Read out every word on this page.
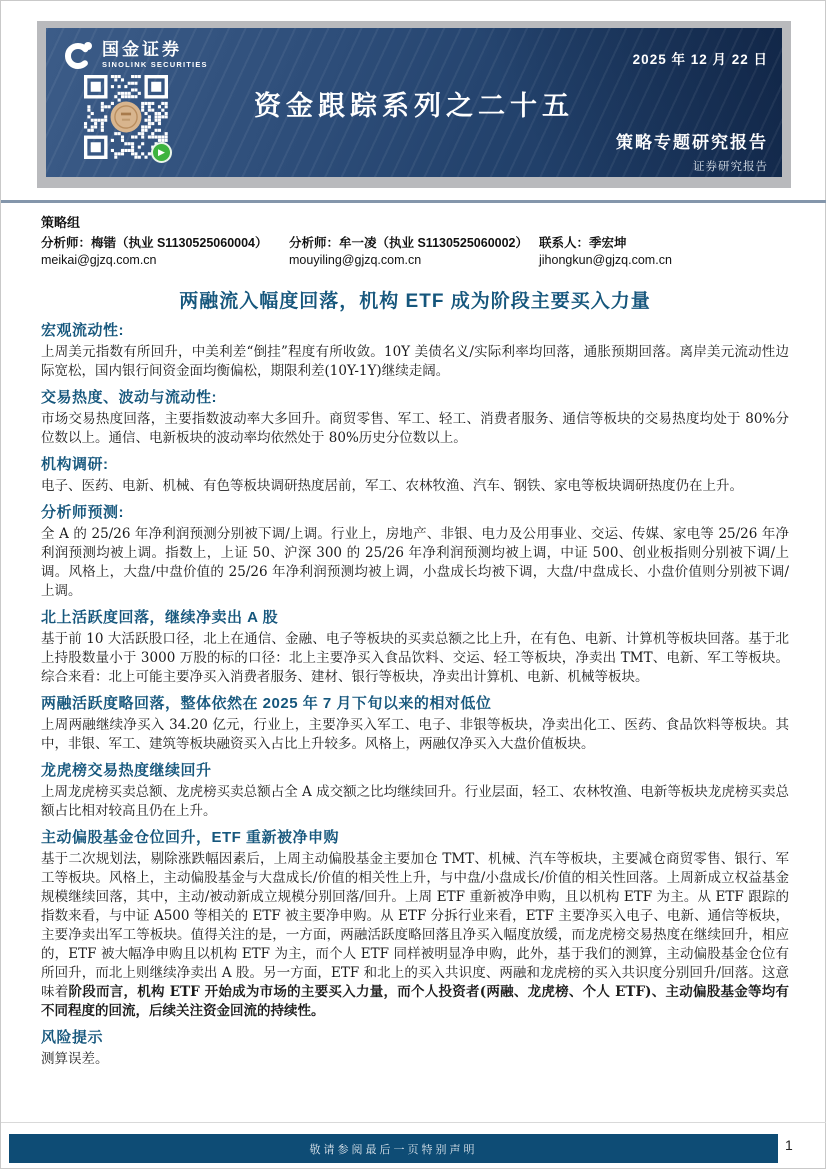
国金证券
SINOLINK SECURITIES	2025 年 12 月 22 日
资金跟踪系列之二十五
策略专题研究报告
证券研究报告
▶
策略组
分析师：梅锴（执业 S1130525060004）
meikai@gjzq.com.cn
分析师：牟一凌（执业 S1130525060002）
mouyiling@gjzq.com.cn
联系人：季宏坤
jihongkun@gjzq.com.cn
两融流入幅度回落，机构 ETF 成为阶段主要买入力量
宏观流动性:

上周美元指数有所回升，中美利差“倒挂”程度有所收敛。10Y 美债名义/实际利率均回落，通胀预期回落。离岸美元流动性边际宽松，国内银行间资金面均衡偏松，期限利差(10Y-1Y)继续走阔。

交易热度、波动与流动性:

市场交易热度回落，主要指数波动率大多回升。商贸零售、军工、轻工、消费者服务、通信等板块的交易热度均处于 80%分位数以上。通信、电新板块的波动率均依然处于 80%历史分位数以上。

机构调研:

电子、医药、电新、机械、有色等板块调研热度居前，军工、农林牧渔、汽车、钢铁、家电等板块调研热度仍在上升。

分析师预测:

全 A 的 25/26 年净利润预测分别被下调/上调。行业上，房地产、非银、电力及公用事业、交运、传媒、家电等 25/26 年净利润预测均被上调。指数上，上证 50、沪深 300 的 25/26 年净利润预测均被上调，中证 500、创业板指则分别被下调/上调。风格上，大盘/中盘价值的 25/26 年净利润预测均被上调，小盘成长均被下调，大盘/中盘成长、小盘价值则分别被下调/上调。

北上活跃度回落，继续净卖出 A 股

基于前 10 大活跃股口径，北上在通信、金融、电子等板块的买卖总额之比上升，在有色、电新、计算机等板块回落。基于北上持股数量小于 3000 万股的标的口径：北上主要净买入食品饮料、交运、轻工等板块，净卖出 TMT、电新、军工等板块。综合来看：北上可能主要净买入消费者服务、建材、银行等板块，净卖出计算机、电新、机械等板块。

两融活跃度略回落，整体依然在 2025 年 7 月下旬以来的相对低位

上周两融继续净买入 34.20 亿元，行业上，主要净买入军工、电子、非银等板块，净卖出化工、医药、食品饮料等板块。其中，非银、军工、建筑等板块融资买入占比上升较多。风格上，两融仅净买入大盘价值板块。

龙虎榜交易热度继续回升

上周龙虎榜买卖总额、龙虎榜买卖总额占全 A 成交额之比均继续回升。行业层面，轻工、农林牧渔、电新等板块龙虎榜买卖总额占比相对较高且仍在上升。

主动偏股基金仓位回升，ETF 重新被净申购

基于二次规划法，剔除涨跌幅因素后，上周主动偏股基金主要加仓 TMT、机械、汽车等板块，主要减仓商贸零售、银行、军工等板块。风格上，主动偏股基金与大盘成长/价值的相关性上升，与中盘/小盘成长/价值的相关性回落。上周新成立权益基金规模继续回落，其中，主动/被动新成立规模分别回落/回升。上周 ETF 重新被净申购，且以机构 ETF 为主。从 ETF 跟踪的指数来看，与中证 A500 等相关的 ETF 被主要净申购。从 ETF 分拆行业来看，ETF 主要净买入电子、电新、通信等板块，主要净卖出军工等板块。值得关注的是，一方面，两融活跃度略回落且净买入幅度放缓，而龙虎榜交易热度在继续回升，相应的，ETF 被大幅净申购且以机构 ETF 为主，而个人 ETF 同样被明显净申购，此外，基于我们的测算，主动偏股基金仓位有所回升，而北上则继续净卖出 A 股。另一方面，ETF 和北上的买入共识度、两融和龙虎榜的买入共识度分别回升/回落。这意味着阶段而言，机构 ETF 开始成为市场的主要买入力量，而个人投资者(两融、龙虎榜、个人 ETF)、主动偏股基金等均有不同程度的回流，后续关注资金回流的持续性。

风险提示

测算误差。

敬请参阅最后一页特别声明	1
